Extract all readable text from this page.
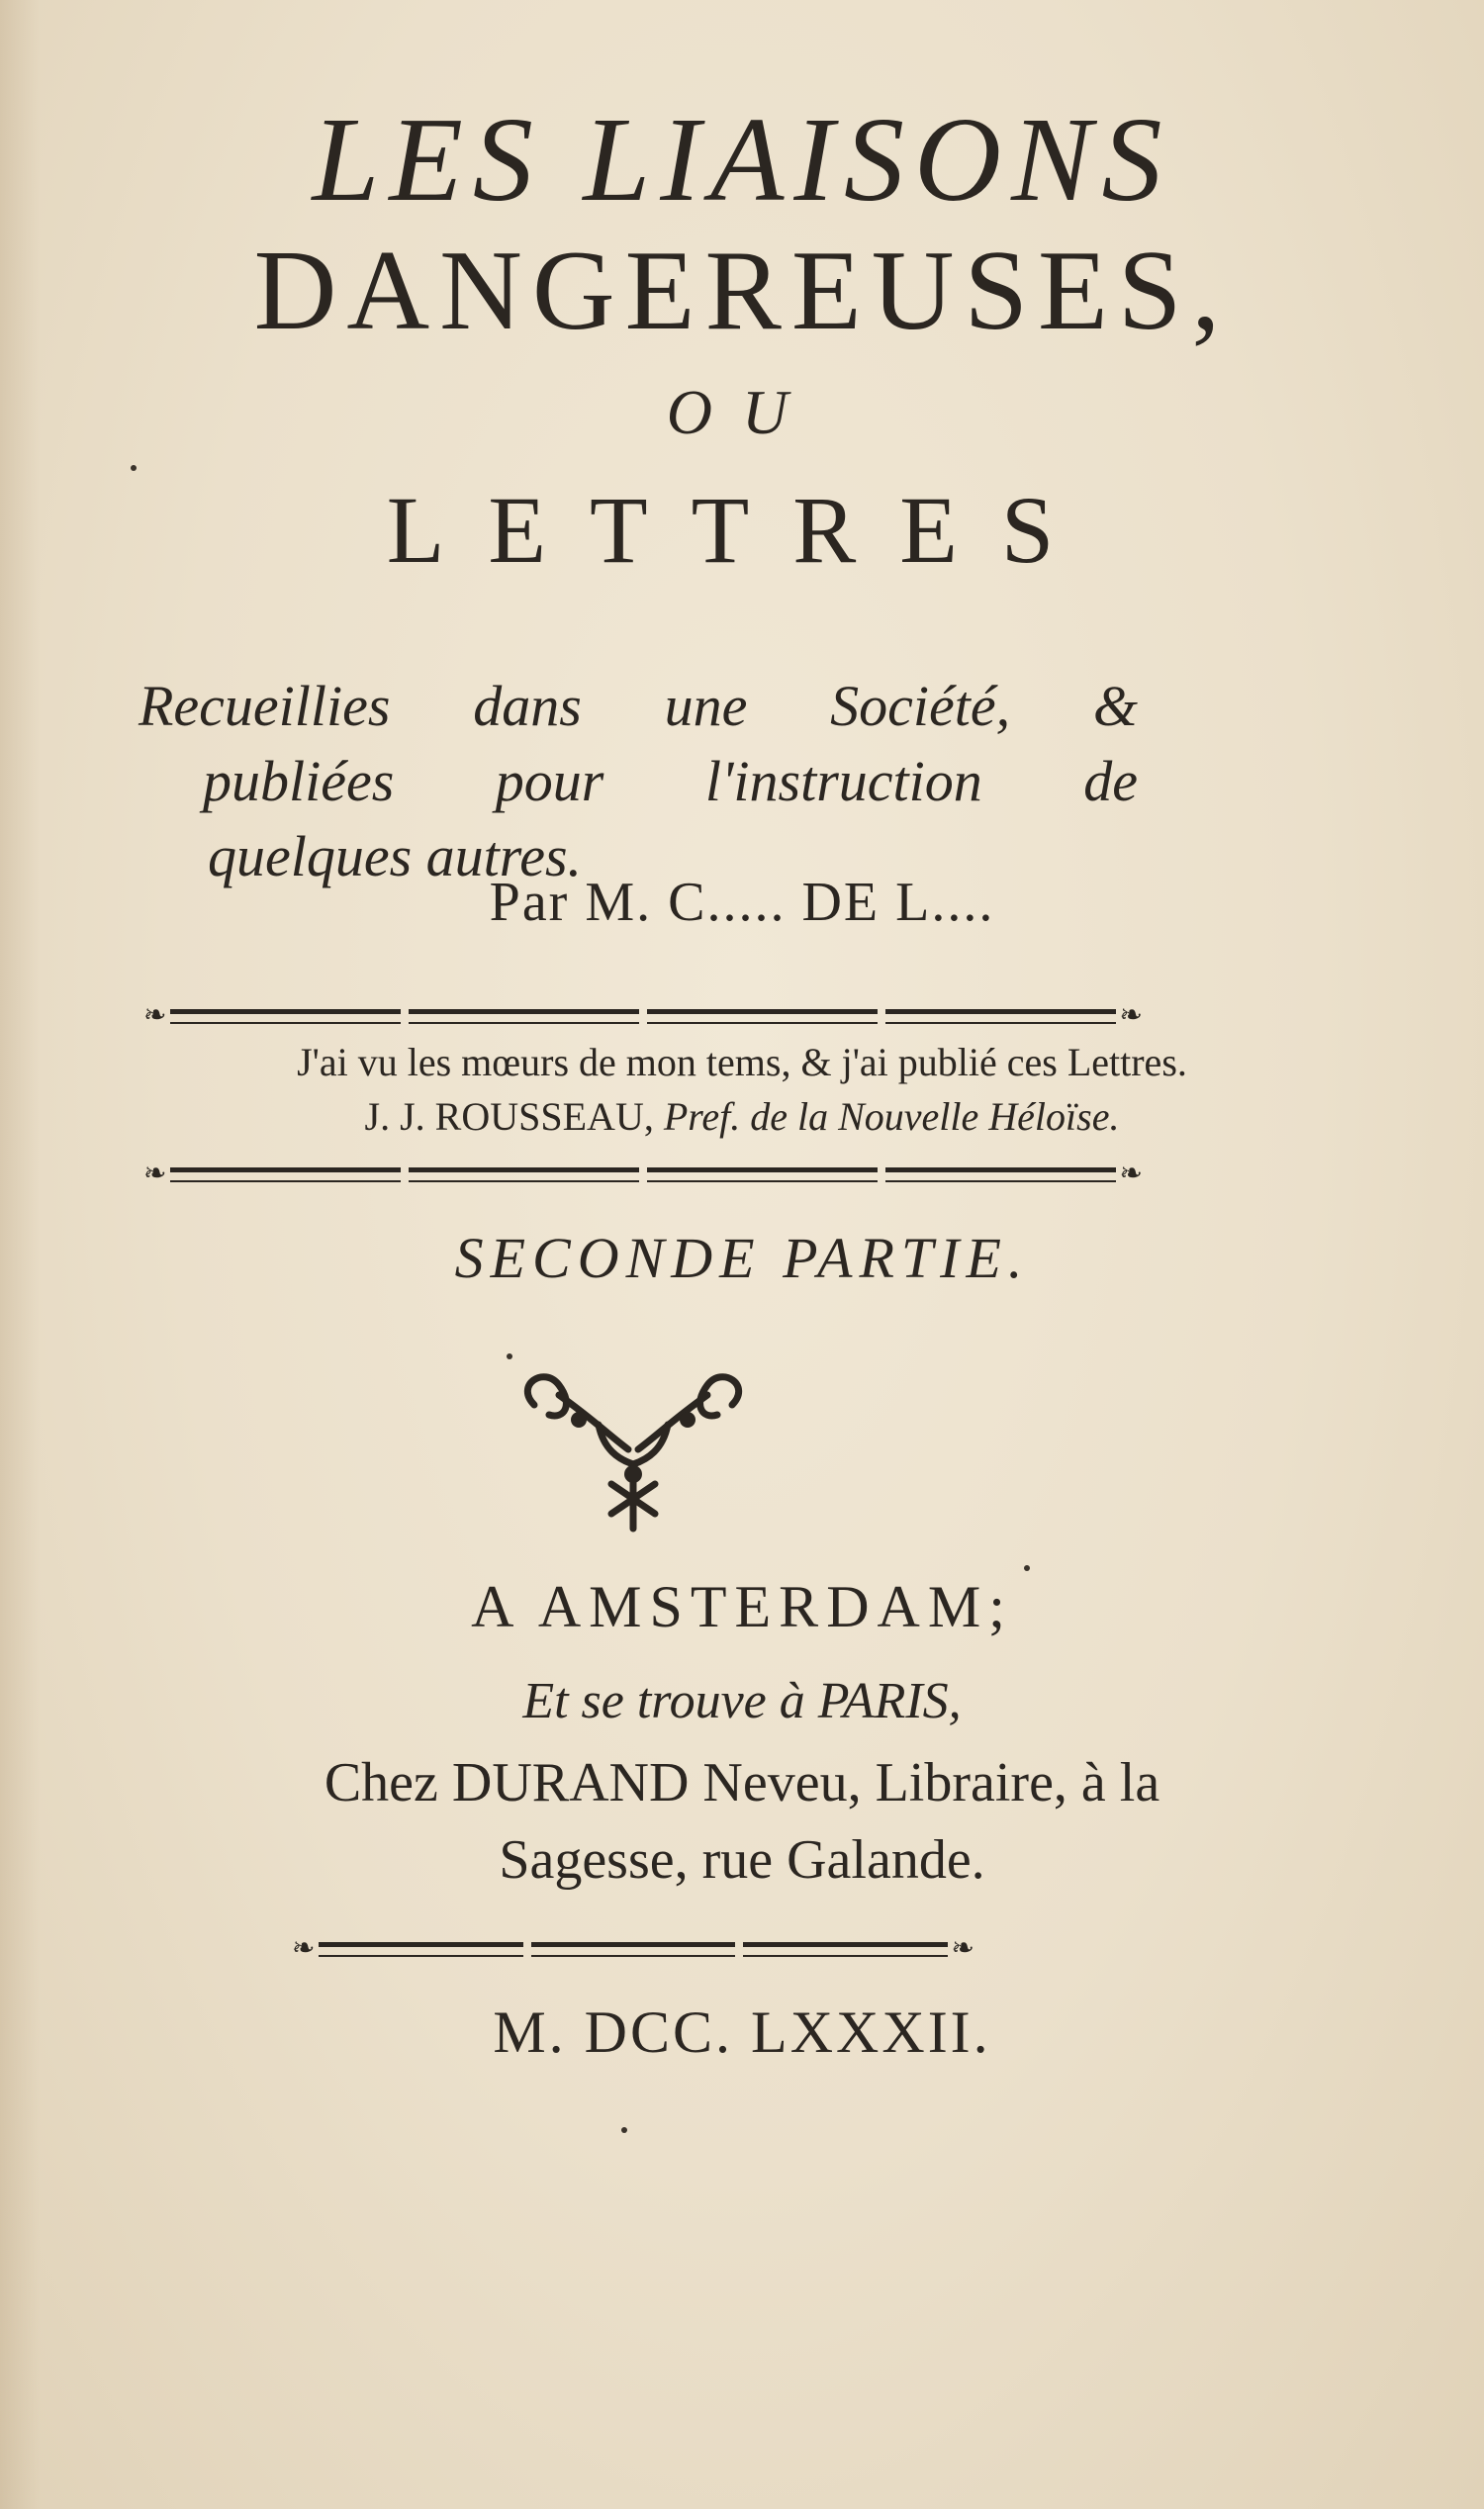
LES LIAISONS

DANGEREUSES,

OU

LETTRES

Recueillies dans une Société, &

publiées pour l'instruction de

quelques autres.

Par M. C..... DE L....

❧	❧

J'ai vu les mœurs de mon tems, & j'ai publié ces Lettres.

J. J. ROUSSEAU, Pref. de la Nouvelle Héloïse.

❧	❧

SECONDE PARTIE.

A AMSTERDAM;

Et se trouve à PARIS,

Chez DURAND Neveu, Libraire, à la

Sagesse, rue Galande.

❧	❧

M. DCC. LXXXII.
